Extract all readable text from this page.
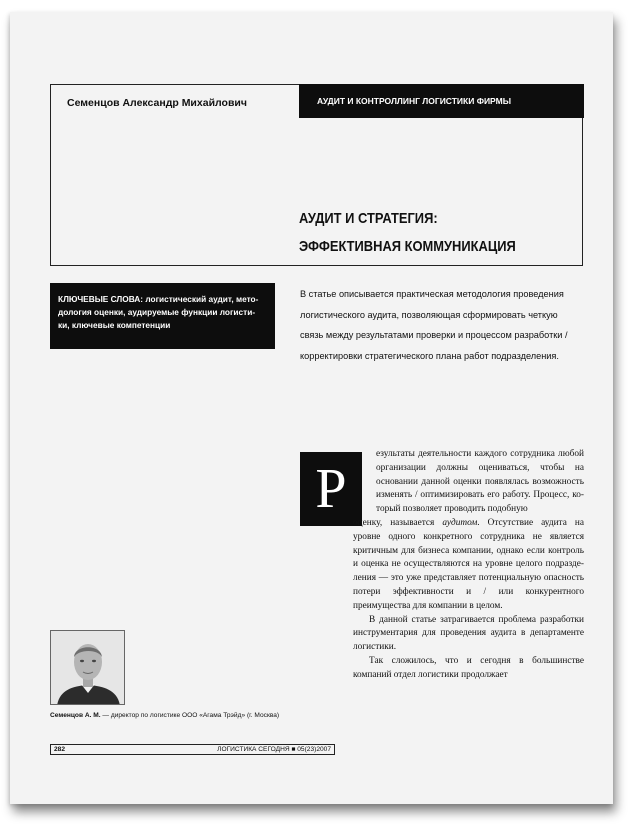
Семенцов Александр Михайлович	АУДИТ И КОНТРОЛЛИНГ ЛОГИСТИКИ ФИРМЫ
АУДИТ И СТРАТЕГИЯ:
ЭФФЕКТИВНАЯ КОММУНИКАЦИЯ
КЛЮЧЕВЫЕ СЛОВА: логистический аудит, мето-
дология оценки, аудируемые функции логисти-
ки, ключевые компетенции
В статье описывается практическая методология проведения
логистического аудита, позволяющая сформировать четкую
связь между результатами проверки и процессом разработки /
корректировки стратегического плана работ подразделения.
Р

езультаты деятельности каждого сотрудника любой организации должны оцениваться, чтобы на основании данной оценки появлялась возможность изменять / оптимизировать его работу. Процесс, который позволяет проводить подобную

оценку, называется аудитом. Отсутствие аудита на уровне одного конкретного сотрудника не является критичным для бизнеса компании, однако если контроль и оценка не осуществляются на уровне целого подразделения — это уже представляет потенциальную опасность потери эффективности и / или конкурентного преимущества для компании в целом.

В данной статье затрагивается проблема разработки инструментария для проведения аудита в департаменте логистики.

Так сложилось, что и сегодня в большинстве компаний отдел логистики продолжает

Семенцов А. М. — директор по логистике ООО «Агама Трэйд» (г. Москва)
282	ЛОГИСТИКА СЕГОДНЯ ■ 05(23)2007
